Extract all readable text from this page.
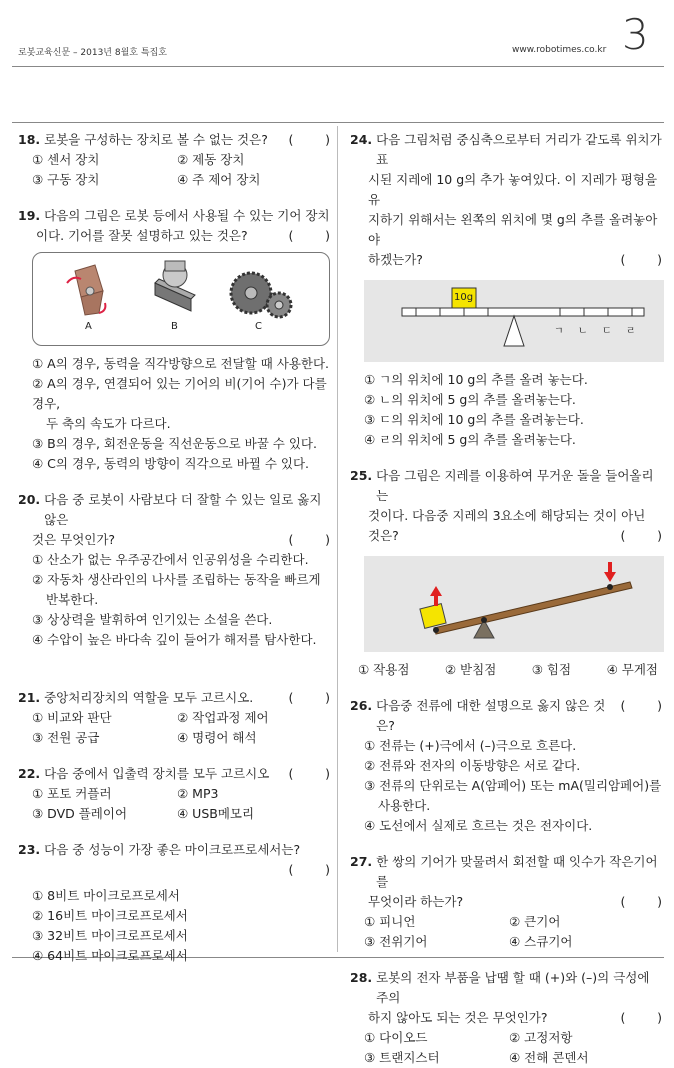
로봇교육신문 – 2013년 8월호 특집호	www.robotimes.co.kr 3
18. 로봇을 구성하는 장치로 볼 수 없는 것은?	(        )
① 센서 장치	② 제동 장치
③ 구동 장치	④ 주 제어 장치
19. 다음의 그림은 로봇 등에서 사용될 수 있는 기어 장치
이다. 기어를 잘못 설명하고 있는 것은?	(        )
A	B	C
① A의 경우, 동력을 직각방향으로 전달할 때 사용한다.
② A의 경우, 연결되어 있는 기어의 비(기어 수)가 다를 경우,
두 축의 속도가 다르다.
③ B의 경우, 회전운동을 직선운동으로 바꿀 수 있다.
④ C의 경우, 동력의 방향이 직각으로 바뀔 수 있다.
20. 다음 중 로봇이 사람보다 더 잘할 수 있는 일로 옳지 않은
것은 무엇인가?	(        )
① 산소가 없는 우주공간에서 인공위성을 수리한다.
② 자동차 생산라인의 나사를 조립하는 동작을 빠르게
반복한다.
③ 상상력을 발휘하여 인기있는 소설을 쓴다.
④ 수압이 높은 바다속 깊이 들어가 해저를 탐사한다.
21. 중앙처리장치의 역할을 모두 고르시오.	(        )
① 비교와 판단	② 작업과정 제어
③ 전원 공급	④ 명령어 해석
22. 다음 중에서 입출력 장치를 모두 고르시오	(        )
① 포토 커플러	② MP3
③ DVD 플레이어	④ USB메모리
23. 다음 중 성능이 가장 좋은 마이크로프로세서는?
(        )
① 8비트 마이크로프로세서
② 16비트 마이크로프로세서
③ 32비트 마이크로프로세서
④ 64비트 마이크로프로세서
24. 다음 그림처럼 중심축으로부터 거리가 같도록 위치가 표
시된 지레에 10 g의 추가 놓여있다. 이 지레가 평형을 유
지하기 위해서는 왼쪽의 위치에 몇 g의 추를 올려놓아야
하겠는가?	(        )
10g
ㄱ ㄴ ㄷ ㄹ
① ㄱ의 위치에 10 g의 추를 올려 놓는다.
② ㄴ의 위치에 5 g의 추를 올려놓는다.
③ ㄷ의 위치에 10 g의 추를 올려놓는다.
④ ㄹ의 위치에 5 g의 추를 올려놓는다.
25. 다음 그림은 지레를 이용하여 무거운 돌을 들어올리는
것이다. 다음중 지레의 3요소에 해당되는 것이 아닌
것은?	(        )
① 작용점	② 받침점	③ 힘점	④ 무게점
26. 다음중 전류에 대한 설명으로 옳지 않은 것은?
(        )
① 전류는 (+)극에서 (–)극으로 흐른다.
② 전류와 전자의 이동방향은 서로 같다.
③ 전류의 단위로는 A(암페어) 또는 mA(밀리암페어)를
사용한다.
④ 도선에서 실제로 흐르는 것은 전자이다.
27. 한 쌍의 기어가 맞물려서 회전할 때 잇수가 작은기어를
무엇이라 하는가?	(        )
① 피니언	② 큰기어
③ 전위기어	④ 스큐기어
28. 로봇의 전자 부품을 납땜 할 때 (+)와 (–)의 극성에 주의
하지 않아도 되는 것은 무엇인가?	(        )
① 다이오드	② 고정저항
③ 트랜지스터	④ 전해 콘덴서
